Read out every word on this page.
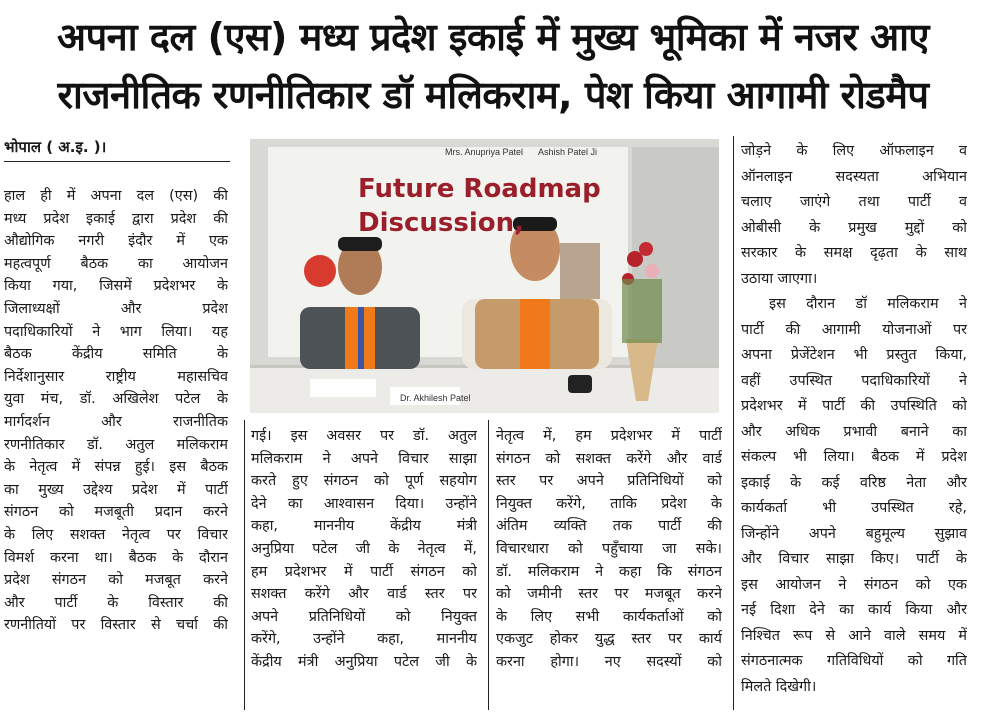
अपना दल (एस) मध्य प्रदेश इकाई में मुख्य भूमिका में नजर आए
राजनीतिक रणनीतिकार डॉ मलिकराम, पेश किया आगामी रोडमैप
भोपाल ( अ.इ. )।

हाल ही में अपना दल (एस) की

मध्य प्रदेश इकाई द्वारा प्रदेश की

औद्योगिक नगरी इंदौर में एक

महत्वपूर्ण बैठक का आयोजन

किया गया, जिसमें प्रदेशभर के

जिलाध्यक्षों और प्रदेश

पदाधिकारियों ने भाग लिया। यह

बैठक केंद्रीय समिति के

निर्देशानुसार राष्ट्रीय महासचिव

युवा मंच, डॉ. अखिलेश पटेल के

मार्गदर्शन और राजनीतिक

रणनीतिकार डॉ. अतुल मलिकराम

के नेतृत्व में संपन्न हुई। इस बैठक

का मुख्य उद्देश्य प्रदेश में पार्टी

संगठन को मजबूती प्रदान करने

के लिए सशक्त नेतृत्व पर विचार

विमर्श करना था। बैठक के दौरान

प्रदेश संगठन को मजबूत करने

और पार्टी के विस्तार की

रणनीतियों पर विस्तार से चर्चा की

Future Roadmap
Discussion,
Mrs. Anupriya Patel Ashish Patel Ji
Dr. Akhilesh Patel

गई। इस अवसर पर डॉ. अतुल

मलिकराम ने अपने विचार साझा

करते हुए संगठन को पूर्ण सहयोग

देने का आश्वासन दिया। उन्होंने

कहा, माननीय केंद्रीय मंत्री

अनुप्रिया पटेल जी के नेतृत्व में,

हम प्रदेशभर में पार्टी संगठन को

सशक्त करेंगे और वार्ड स्तर पर

अपने प्रतिनिधियों को नियुक्त

करेंगे, उन्होंने कहा, माननीय

केंद्रीय मंत्री अनुप्रिया पटेल जी के

नेतृत्व में, हम प्रदेशभर में पार्टी

संगठन को सशक्त करेंगे और वार्ड

स्तर पर अपने प्रतिनिधियों को

नियुक्त करेंगे, ताकि प्रदेश के

अंतिम व्यक्ति तक पार्टी की

विचारधारा को पहुँचाया जा सके।

डॉ. मलिकराम ने कहा कि संगठन

को जमीनी स्तर पर मजबूत करने

के लिए सभी कार्यकर्ताओं को

एकजुट होकर युद्ध स्तर पर कार्य

करना होगा। नए सदस्यों को

जोड़ने के लिए ऑफलाइन व

ऑनलाइन सदस्यता अभियान

चलाए जाएंगे तथा पार्टी व

ओबीसी के प्रमुख मुद्दों को

सरकार के समक्ष दृढ़ता के साथ

उठाया जाएगा।

इस दौरान डॉ मलिकराम ने

पार्टी की आगामी योजनाओं पर

अपना प्रेजेंटेशन भी प्रस्तुत किया,

वहीं उपस्थित पदाधिकारियों ने

प्रदेशभर में पार्टी की उपस्थिति को

और अधिक प्रभावी बनाने का

संकल्प भी लिया। बैठक में प्रदेश

इकाई के कई वरिष्ठ नेता और

कार्यकर्ता भी उपस्थित रहे,

जिन्होंने अपने बहुमूल्य सुझाव

और विचार साझा किए। पार्टी के

इस आयोजन ने संगठन को एक

नई दिशा देने का कार्य किया और

निश्चित रूप से आने वाले समय में

संगठनात्मक गतिविधियों को गति

मिलते दिखेगी।
